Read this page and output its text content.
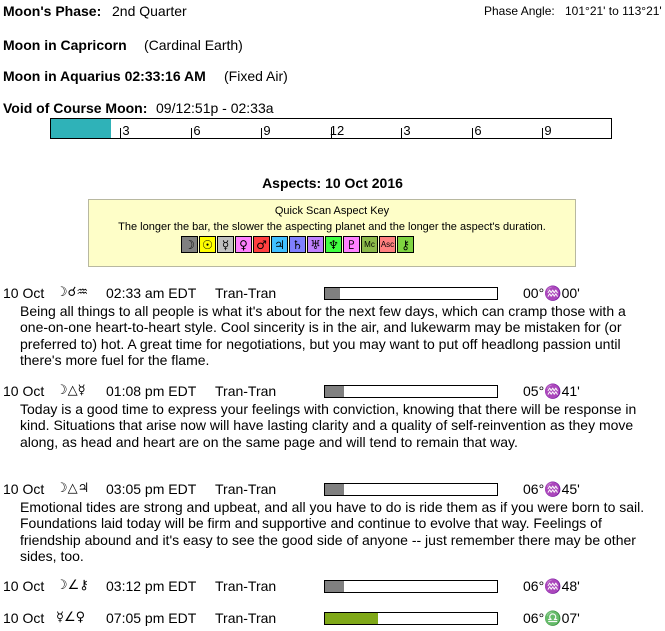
Moon's Phase: 2nd Quarter	Phase Angle: 101°21' to 113°21'
Moon in Capricorn (Cardinal Earth)
Moon in Aquarius 02:33:16 AM (Fixed Air)
Void of Course Moon: 09/12:51p - 02:33a
3	6	9	12	3	6	9
Aspects: 10 Oct 2016
Quick Scan Aspect Key
The longer the bar, the slower the aspecting planet and the longer the aspect's duration.
☽ ☉ ☿ ♀ ♂ ♃ ♄ ♅ ♆ ♇ Mc Asc ⚷
10 Oct ☽☌♒ 02:33 am EDT Tran-Tran	00°♒00'
Being all things to all people is what it's about for the next few days, which can cramp those with a one-on-one heart-to-heart style. Cool sincerity is in the air, and lukewarm may be mistaken for (or preferred to) hot. A great time for negotiations, but you may want to put off headlong passion until there's more fuel for the flame.
10 Oct ☽△☿ 01:08 pm EDT Tran-Tran	05°♒41'
Today is a good time to express your feelings with conviction, knowing that there will be response in kind. Situations that arise now will have lasting clarity and a quality of self-reinvention as they move along, as head and heart are on the same page and will tend to remain that way.
10 Oct ☽△♃ 03:05 pm EDT Tran-Tran	06°♒45'
Emotional tides are strong and upbeat, and all you have to do is ride them as if you were born to sail. Foundations laid today will be firm and supportive and continue to evolve that way. Feelings of friendship abound and it's easy to see the good side of anyone -- just remember there may be other sides, too.
10 Oct ☽∠⚷ 03:12 pm EDT Tran-Tran	06°♒48'
10 Oct ☿∠♀ 07:05 pm EDT Tran-Tran	06°♎07'
